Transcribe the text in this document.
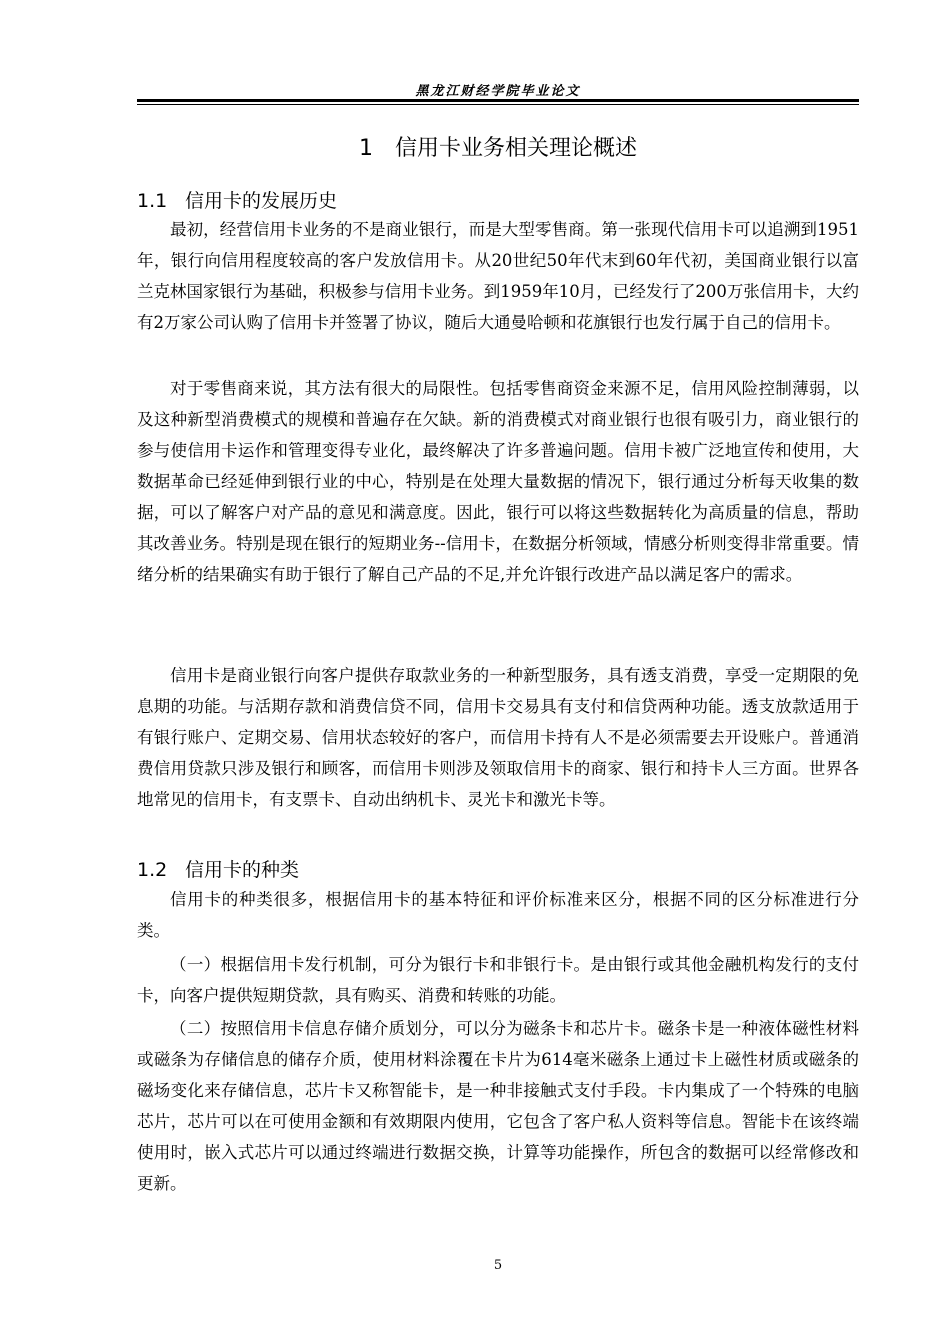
黑龙江财经学院毕业论文
1 信用卡业务相关理论概述
1.1 信用卡的发展历史

最初，经营信用卡业务的不是商业银行，而是大型零售商。第一张现代信用卡可以追溯到1951年，银行向信用程度较高的客户发放信用卡。从20世纪50年代末到60年代初，美国商业银行以富兰克林国家银行为基础，积极参与信用卡业务。到1959年10月，已经发行了200万张信用卡，大约有2万家公司认购了信用卡并签署了协议，随后大通曼哈顿和花旗银行也发行属于自己的信用卡。

对于零售商来说，其方法有很大的局限性。包括零售商资金来源不足，信用风险控制薄弱，以及这种新型消费模式的规模和普遍存在欠缺。新的消费模式对商业银行也很有吸引力，商业银行的参与使信用卡运作和管理变得专业化，最终解决了许多普遍问题。信用卡被广泛地宣传和使用，大数据革命已经延伸到银行业的中心，特别是在处理大量数据的情况下，银行通过分析每天收集的数据，可以了解客户对产品的意见和满意度。因此，银行可以将这些数据转化为高质量的信息，帮助其改善业务。特别是现在银行的短期业务--信用卡，在数据分析领域，情感分析则变得非常重要。情绪分析的结果确实有助于银行了解自己产品的不足,并允许银行改进产品以满足客户的需求。

信用卡是商业银行向客户提供存取款业务的一种新型服务，具有透支消费，享受一定期限的免息期的功能。与活期存款和消费信贷不同，信用卡交易具有支付和信贷两种功能。透支放款适用于有银行账户、定期交易、信用状态较好的客户，而信用卡持有人不是必须需要去开设账户。普通消费信用贷款只涉及银行和顾客，而信用卡则涉及领取信用卡的商家、银行和持卡人三方面。世界各地常见的信用卡，有支票卡、自动出纳机卡、灵光卡和激光卡等。

1.2 信用卡的种类

信用卡的种类很多，根据信用卡的基本特征和评价标准来区分，根据不同的区分标准进行分类。

（一）根据信用卡发行机制，可分为银行卡和非银行卡。是由银行或其他金融机构发行的支付卡，向客户提供短期贷款，具有购买、消费和转账的功能。

（二）按照信用卡信息存储介质划分，可以分为磁条卡和芯片卡。磁条卡是一种液体磁性材料或磁条为存储信息的储存介质，使用材料涂覆在卡片为614毫米磁条上通过卡上磁性材质或磁条的磁场变化来存储信息，芯片卡又称智能卡，是一种非接触式支付手段。卡内集成了一个特殊的电脑芯片，芯片可以在可使用金额和有效期限内使用，它包含了客户私人资料等信息。智能卡在该终端使用时，嵌入式芯片可以通过终端进行数据交换，计算等功能操作，所包含的数据可以经常修改和更新。

5
